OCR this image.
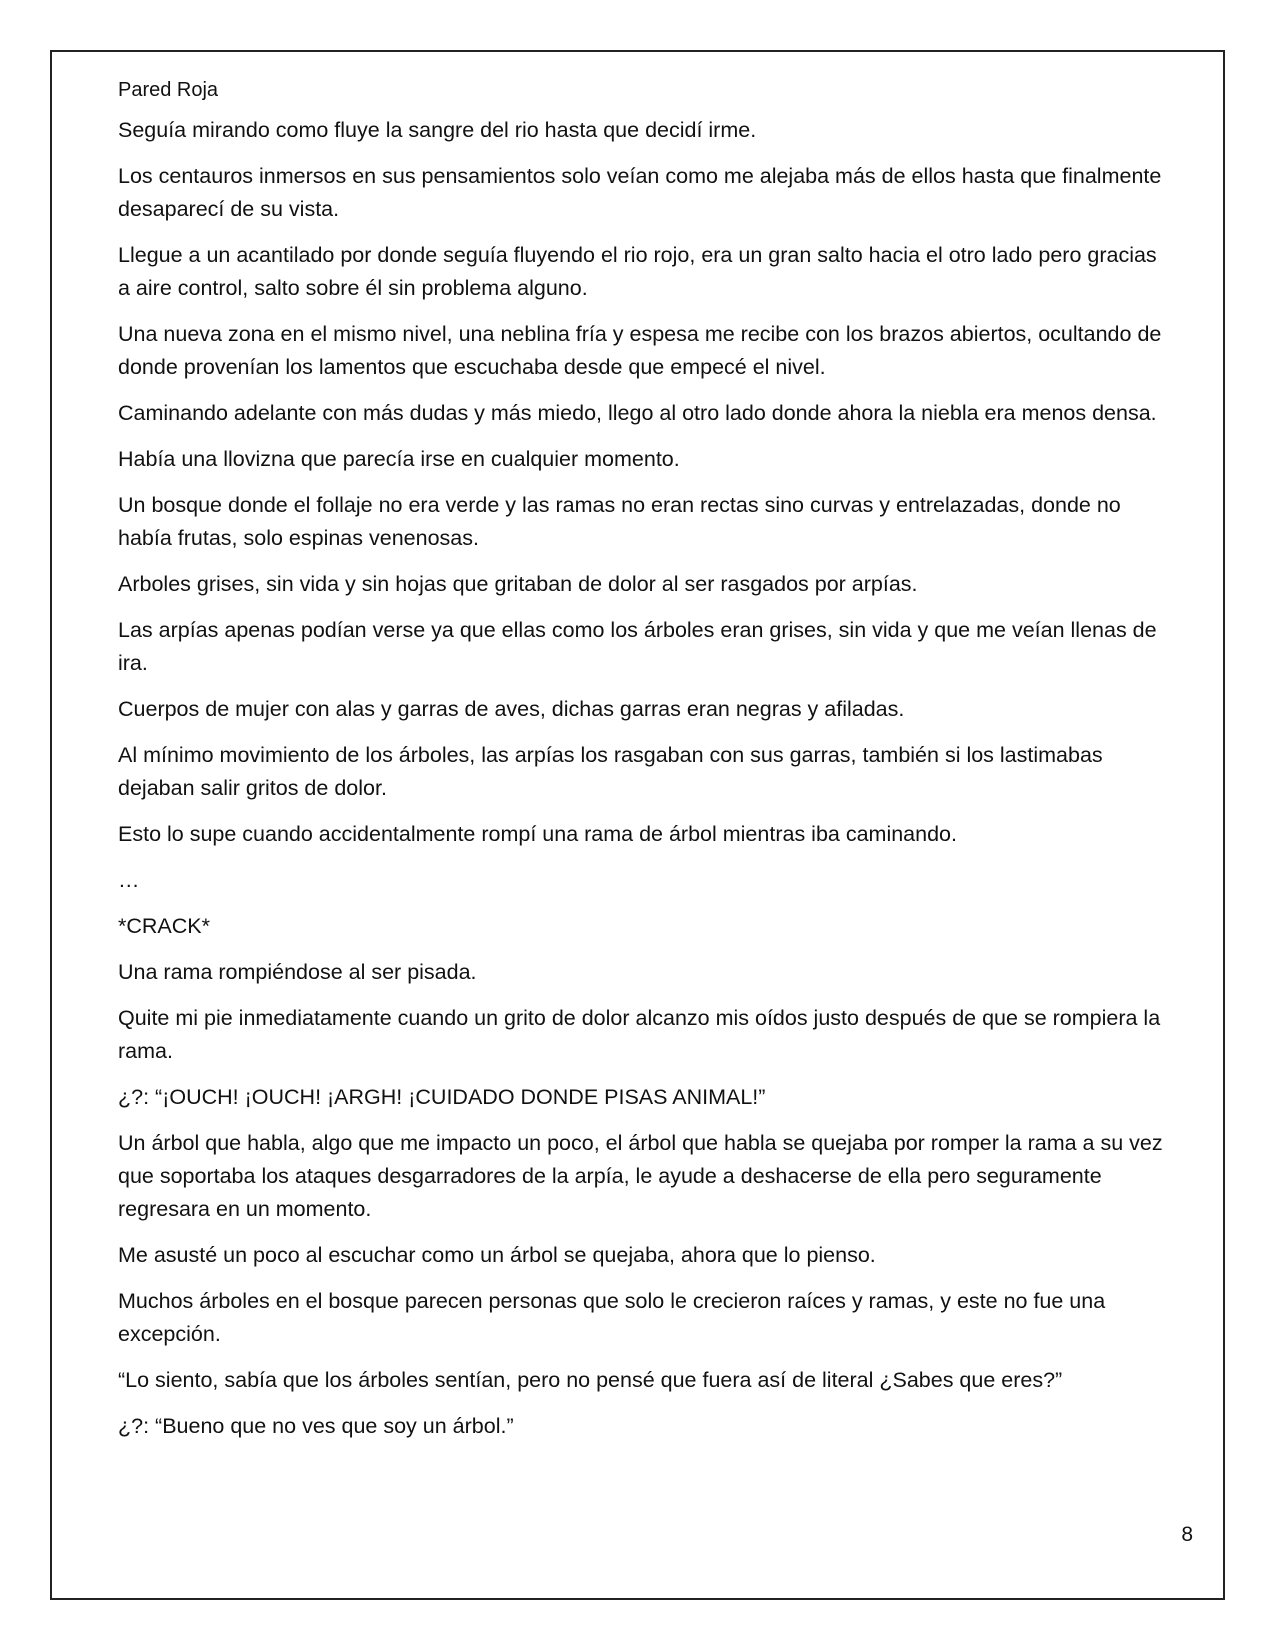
Pared Roja

Seguía mirando como fluye la sangre del rio hasta que decidí irme.

Los centauros inmersos en sus pensamientos solo veían como me alejaba más de ellos hasta que finalmente desaparecí de su vista.

Llegue a un acantilado por donde seguía fluyendo el rio rojo, era un gran salto hacia el otro lado pero gracias a aire control, salto sobre él sin problema alguno.

Una nueva zona en el mismo nivel, una neblina fría y espesa me recibe con los brazos abiertos, ocultando de donde provenían los lamentos que escuchaba desde que empecé el nivel.

Caminando adelante con más dudas y más miedo, llego al otro lado donde ahora la niebla era menos densa.

Había una llovizna que parecía irse en cualquier momento.

Un bosque donde el follaje no era verde y las ramas no eran rectas sino curvas y entrelazadas, donde no había frutas, solo espinas venenosas.

Arboles grises, sin vida y sin hojas que gritaban de dolor al ser rasgados por arpías.

Las arpías apenas podían verse ya que ellas como los árboles eran grises, sin vida y que me veían llenas de ira.

Cuerpos de mujer con alas y garras de aves, dichas garras eran negras y afiladas.

Al mínimo movimiento de los árboles, las arpías los rasgaban con sus garras, también si los lastimabas dejaban salir gritos de dolor.

Esto lo supe cuando accidentalmente rompí una rama de árbol mientras iba caminando.

…

*CRACK*

Una rama rompiéndose al ser pisada.

Quite mi pie inmediatamente cuando un grito de dolor alcanzo mis oídos justo después de que se rompiera la rama.

¿?: “¡OUCH! ¡OUCH! ¡ARGH! ¡CUIDADO DONDE PISAS ANIMAL!”

Un árbol que habla, algo que me impacto un poco, el árbol que habla se quejaba por romper la rama a su vez que soportaba los ataques desgarradores de la arpía, le ayude a deshacerse de ella pero seguramente regresara en un momento.

Me asusté un poco al escuchar como un árbol se quejaba, ahora que lo pienso.

Muchos árboles en el bosque parecen personas que solo le crecieron raíces y ramas, y este no fue una excepción.

“Lo siento, sabía que los árboles sentían, pero no pensé que fuera así de literal ¿Sabes que eres?”

¿?: “Bueno que no ves que soy un árbol.”

8
